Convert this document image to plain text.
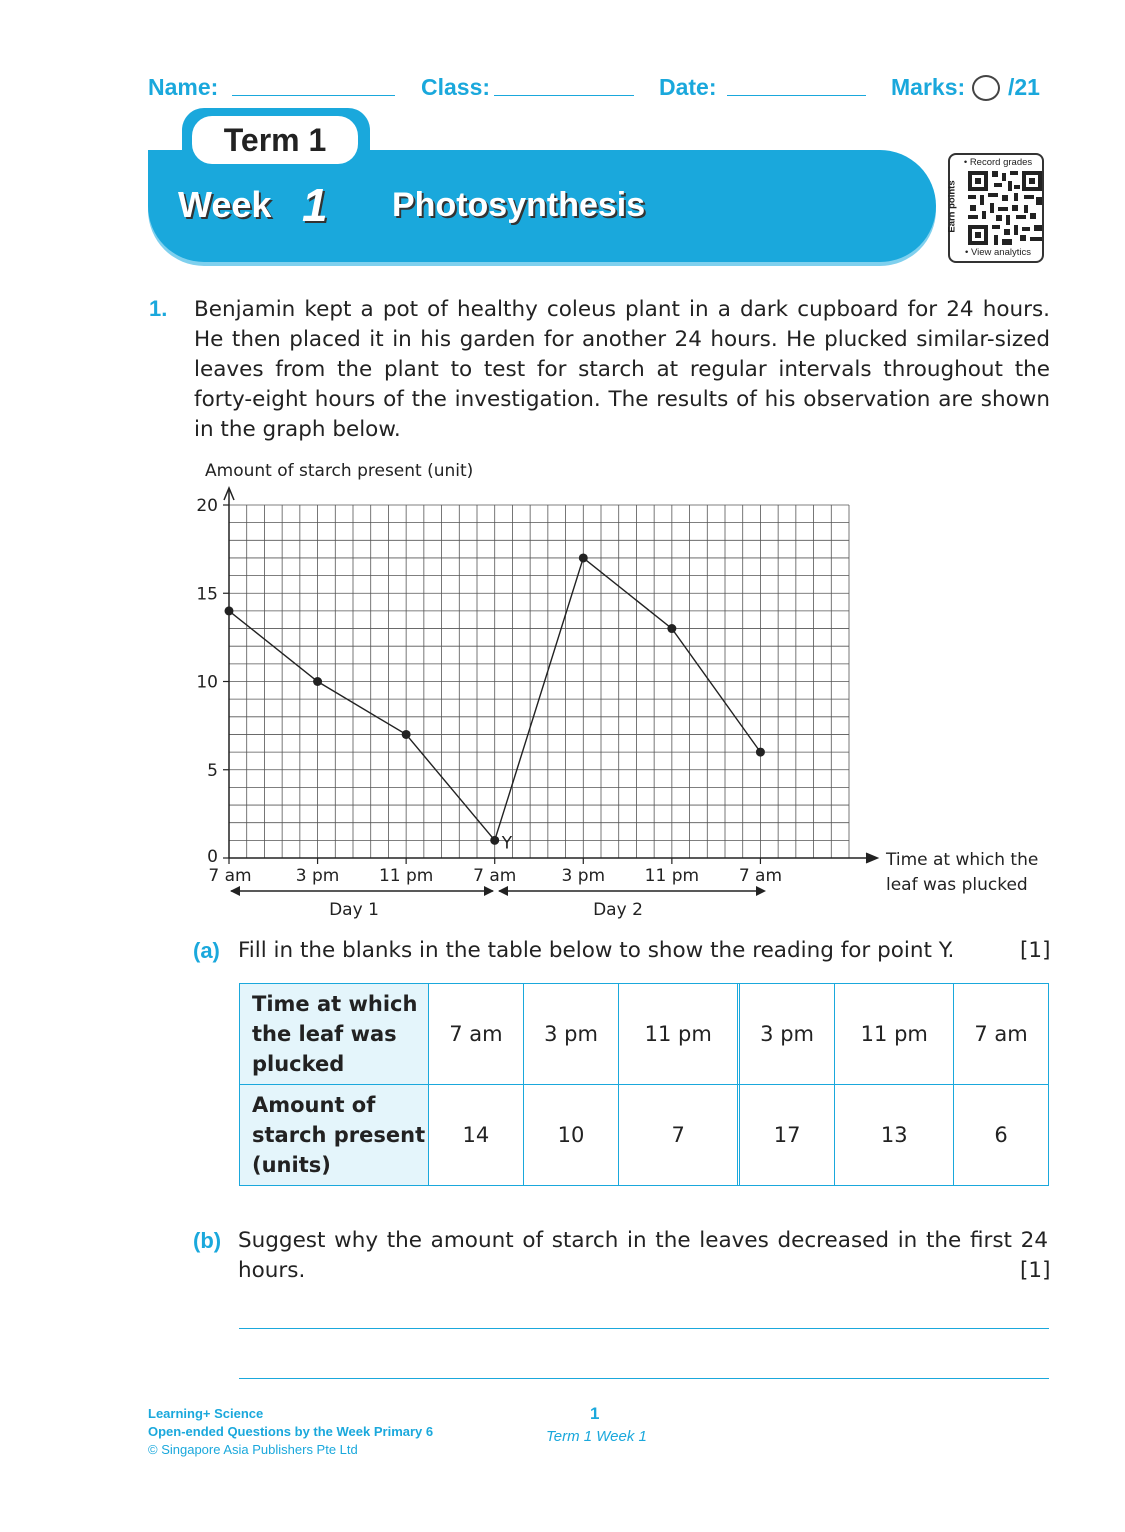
Name:	Class:	Date:	Marks: /21
Term 1
Week 1 Photosynthesis
• Record grades
Earn points
• View analytics
1. Benjamin kept a pot of healthy coleus plant in a dark cupboard for 24 hours. He then placed it in his garden for another 24 hours. He plucked similar-sized leaves from the plant to test for starch at regular intervals throughout the forty-eight hours of the investigation. The results of his observation are shown in the graph below.
Amount of starch present (unit)
Time at which the
leaf was plucked
0
5
10
15
20
7 am	3 pm 11 pm 7 am	3 pm 11 pm 7 am
Day 1	Day 2
Y
(a) Fill in the blanks in the table below to show the reading for point Y.	[1]
Time at which the leaf was plucked	7 am	3 pm	11 pm		3 pm	11 pm	7 am
Amount of starch present (units)	14	10	7		17	13	6
(b) Suggest why the amount of starch in the leaves decreased in the first 24 hours.	[1]
Learning+ Science
Open-ended Questions by the Week Primary 6
© Singapore Asia Publishers Pte Ltd
1
Term 1 Week 1
